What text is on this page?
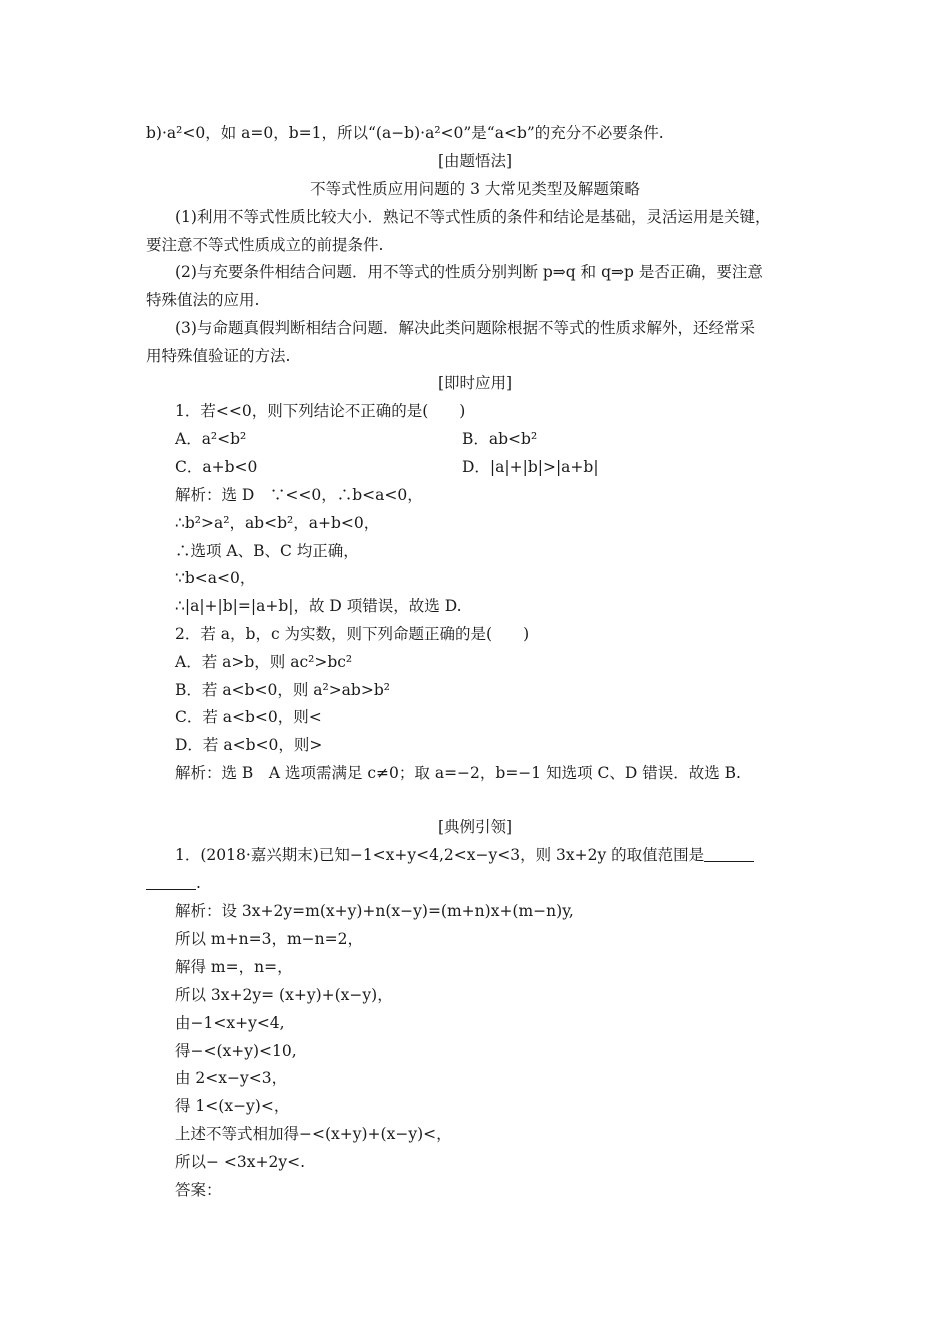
b)·a²<0，如 a=0，b=1，所以“(a−b)·a²<0”是“a<b”的充分不必要条件.
[由题悟法]
不等式性质应用问题的 3 大常见类型及解题策略
(1)利用不等式性质比较大小．熟记不等式性质的条件和结论是基础，灵活运用是关键，
要注意不等式性质成立的前提条件.
(2)与充要条件相结合问题．用不等式的性质分别判断 p⇒q 和 q⇒p 是否正确，要注意
特殊值法的应用.
(3)与命题真假判断相结合问题．解决此类问题除根据不等式的性质求解外，还经常采
用特殊值验证的方法.
[即时应用]
1．若<<0，则下列结论不正确的是(　　)
A．a²<b²	B．ab<b²
C．a+b<0	D．|a|+|b|>|a+b|
解析：选 D　∵<<0，∴b<a<0，
∴b²>a²，ab<b²，a+b<0，
∴选项 A、B、C 均正确，
∵b<a<0，
∴|a|+|b|=|a+b|，故 D 项错误，故选 D.
2．若 a，b，c 为实数，则下列命题正确的是(　　)
A．若 a>b，则 ac²>bc²
B．若 a<b<0，则 a²>ab>b²
C．若 a<b<0，则<
D．若 a<b<0，则>
解析：选 B　A 选项需满足 c≠0；取 a=−2，b=−1 知选项 C、D 错误．故选 B.
[典例引领]
1．(2018·嘉兴期末)已知−1<x+y<4,2<x−y<3，则 3x+2y 的取值范围是
.
解析：设 3x+2y=m(x+y)+n(x−y)=(m+n)x+(m−n)y,
所以 m+n=3，m−n=2，
解得 m=，n=，
所以 3x+2y= (x+y)+(x−y)，
由−1<x+y<4,
得−<(x+y)<10,
由 2<x−y<3，
得 1<(x−y)<，
上述不等式相加得−<(x+y)+(x−y)<，
所以− <3x+2y<.
答案：
